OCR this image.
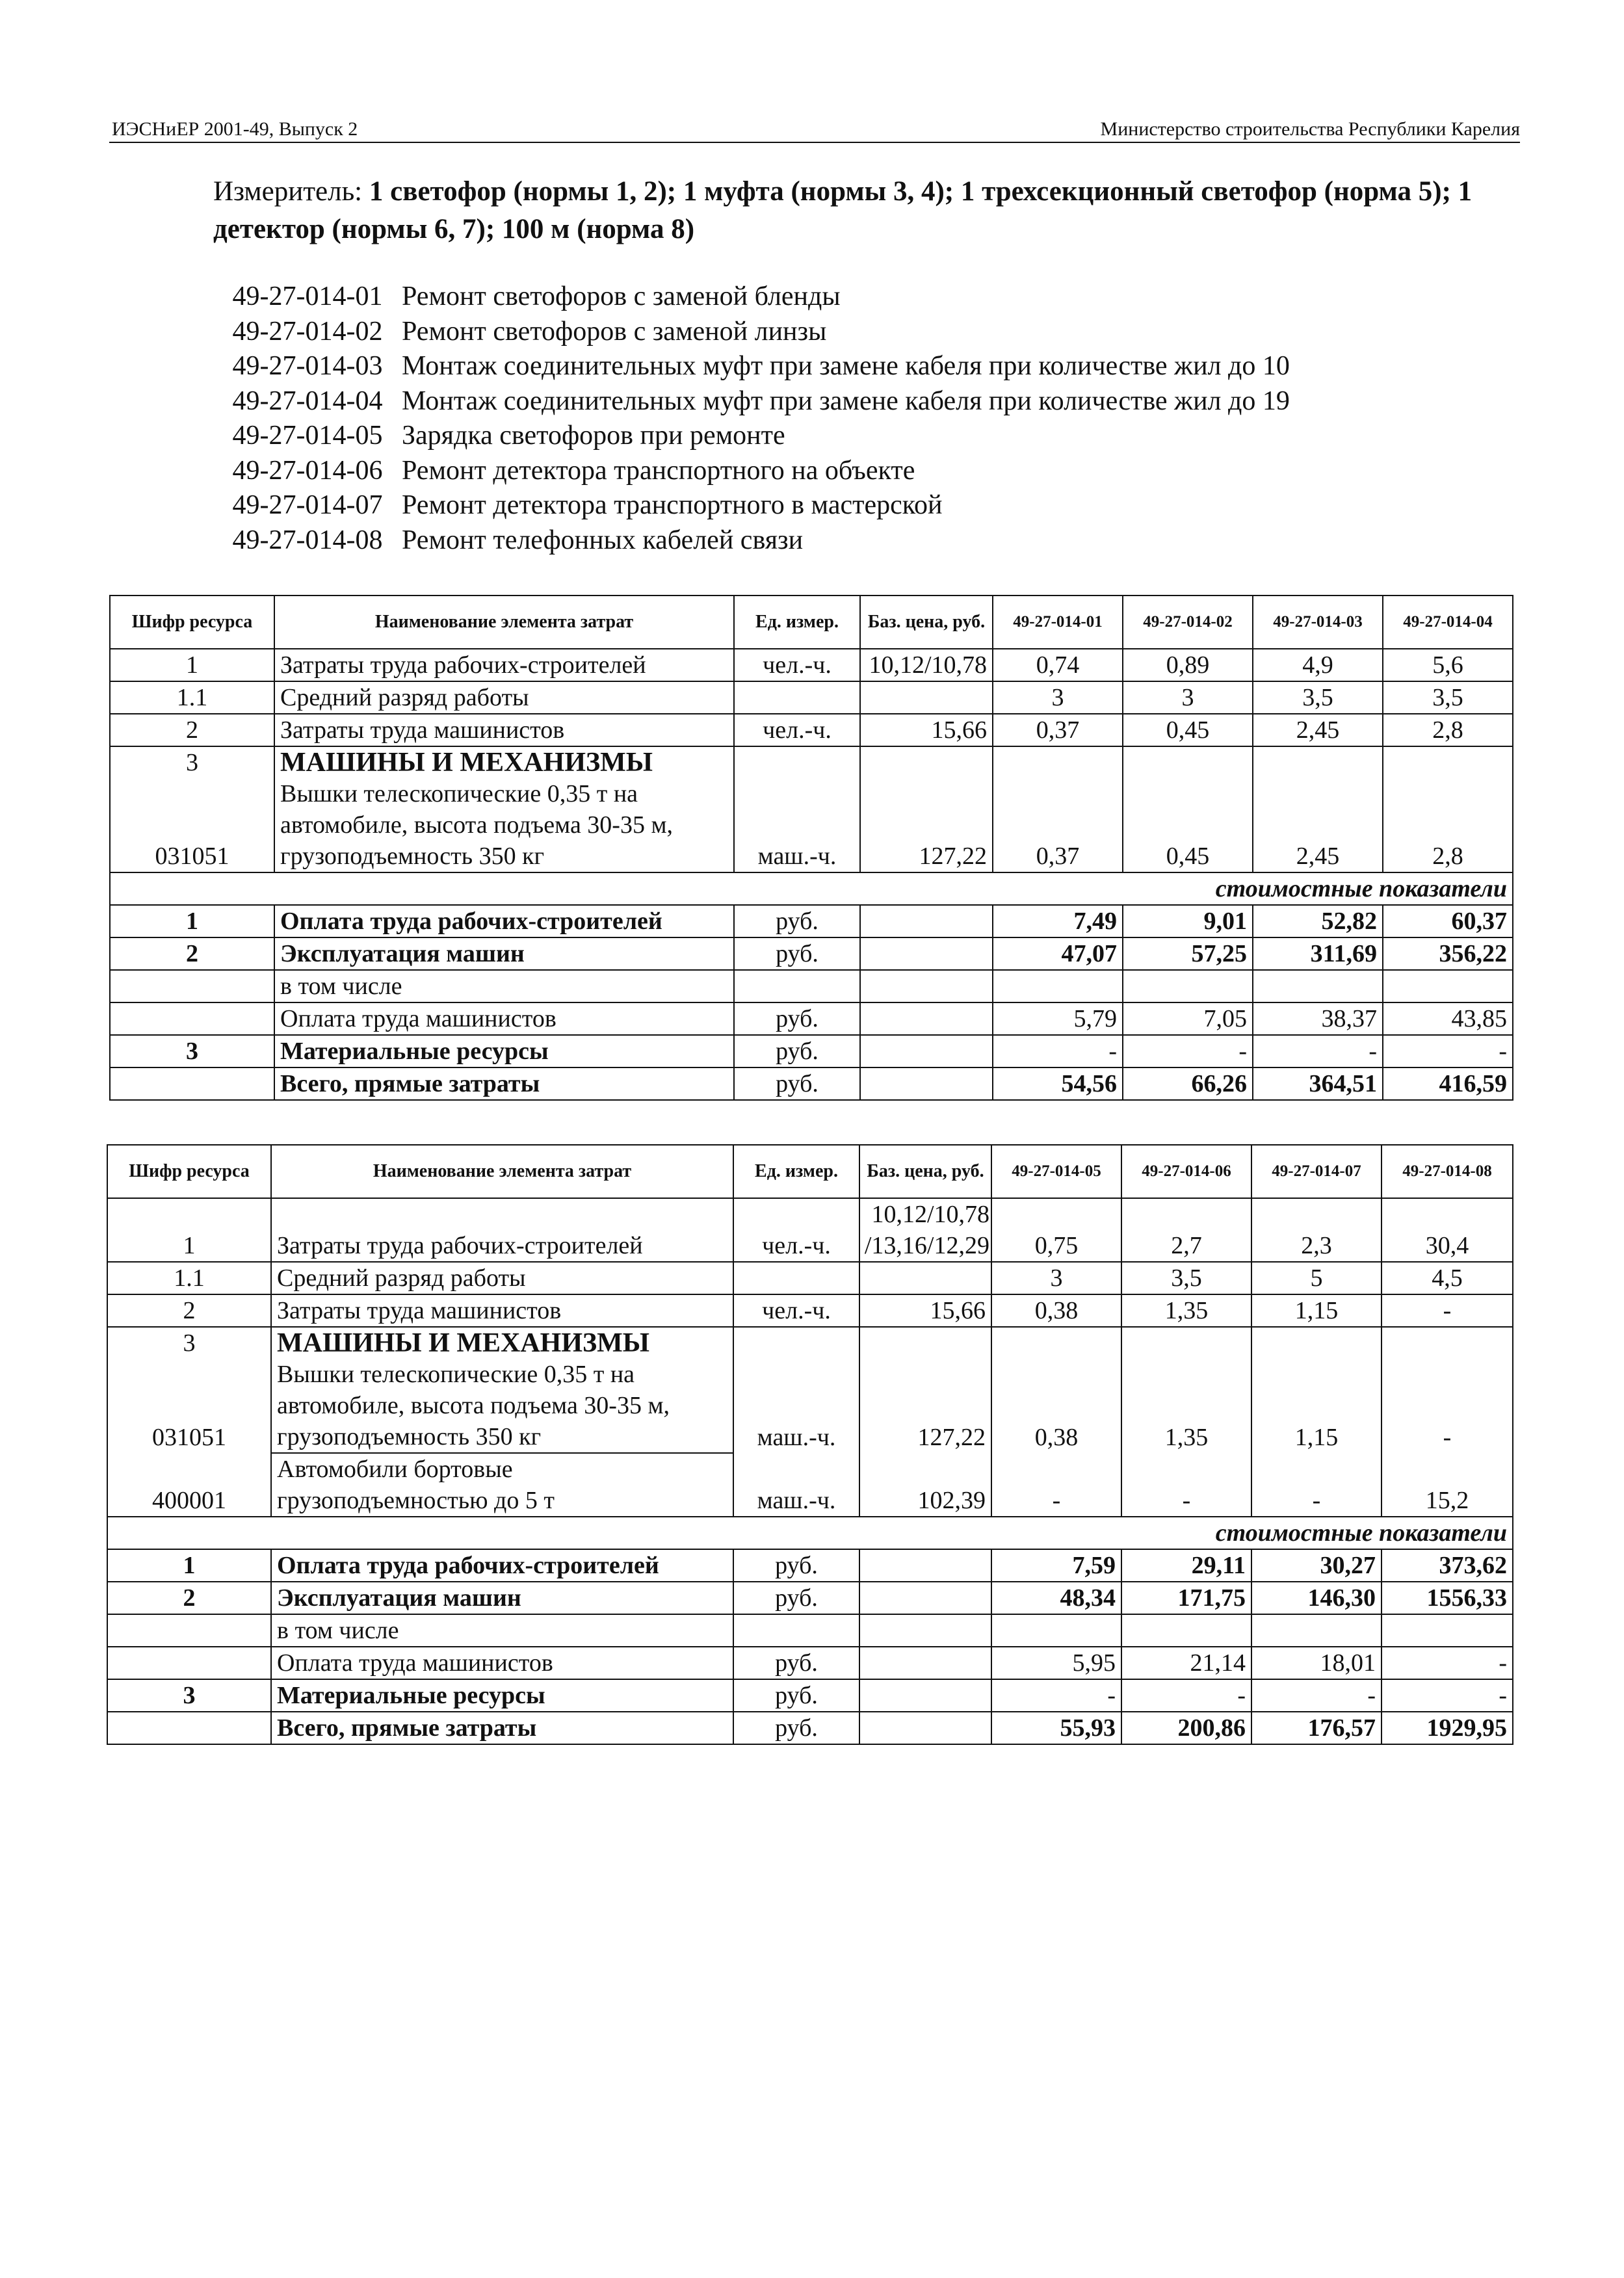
ИЭСНиЕР 2001-49, Выпуск 2	Министерство строительства Республики Карелия
Измеритель: 1 светофор (нормы 1, 2); 1 муфта (нормы 3, 4); 1 трехсекционный светофор (норма 5); 1 детектор (нормы 6, 7); 100 м (норма 8)
49-27-014-01 Ремонт светофоров с заменой бленды
49-27-014-02 Ремонт светофоров с заменой линзы
49-27-014-03 Монтаж соединительных муфт при замене кабеля при количестве жил до 10
49-27-014-04 Монтаж соединительных муфт при замене кабеля при количестве жил до 19
49-27-014-05 Зарядка светофоров при ремонте
49-27-014-06 Ремонт детектора транспортного на объекте
49-27-014-07 Ремонт детектора транспортного в мастерской
49-27-014-08 Ремонт телефонных кабелей связи
Шифр ресурса	Наименование элемента затрат	Ед. измер.	Баз. цена, руб.	49-27-014-01	49-27-014-02	49-27-014-03	49-27-014-04
1	Затраты труда рабочих-строителей	чел.-ч.	10,12/10,78	0,74	0,89	4,9	5,6
1.1	Средний разряд работы			3	3	3,5	3,5
2	Затраты труда машинистов	чел.-ч.	15,66	0,37	0,45	2,45	2,8
3	МАШИНЫ И МЕХАНИЗМЫ						
031051	Вышки телескопические 0,35 т на автомобиле, высота подъема 30-35 м, грузоподъемность 350 кг	маш.-ч.	127,22	0,37	0,45	2,45	2,8
стоимостные показатели							
1	Оплата труда рабочих-строителей	руб.		7,49	9,01	52,82	60,37
2	Эксплуатация машин	руб.		47,07	57,25	311,69	356,22
	в том числе						
	Оплата труда машинистов	руб.		5,79	7,05	38,37	43,85
3	Материальные ресурсы	руб.		-	-	-	-
	Всего, прямые затраты	руб.		54,56	66,26	364,51	416,59
Шифр ресурса	Наименование элемента затрат	Ед. измер.	Баз. цена, руб.	49-27-014-05	49-27-014-06	49-27-014-07	49-27-014-08
1	Затраты труда рабочих-строителей	чел.-ч.	10,12/10,78 /13,16/12,29	0,75	2,7	2,3	30,4
1.1	Средний разряд работы			3	3,5	5	4,5
2	Затраты труда машинистов	чел.-ч.	15,66	0,38	1,35	1,15	-
3	МАШИНЫ И МЕХАНИЗМЫ						
031051	Вышки телескопические 0,35 т на автомобиле, высота подъема 30-35 м, грузоподъемность 350 кг	маш.-ч.	127,22	0,38	1,35	1,15	-
400001	Автомобили бортовые грузоподъемностью до 5 т	маш.-ч.	102,39	-	-	-	15,2
стоимостные показатели							
1	Оплата труда рабочих-строителей	руб.		7,59	29,11	30,27	373,62
2	Эксплуатация машин	руб.		48,34	171,75	146,30	1556,33
	в том числе						
	Оплата труда машинистов	руб.		5,95	21,14	18,01	-
3	Материальные ресурсы	руб.		-	-	-	-
	Всего, прямые затраты	руб.		55,93	200,86	176,57	1929,95
